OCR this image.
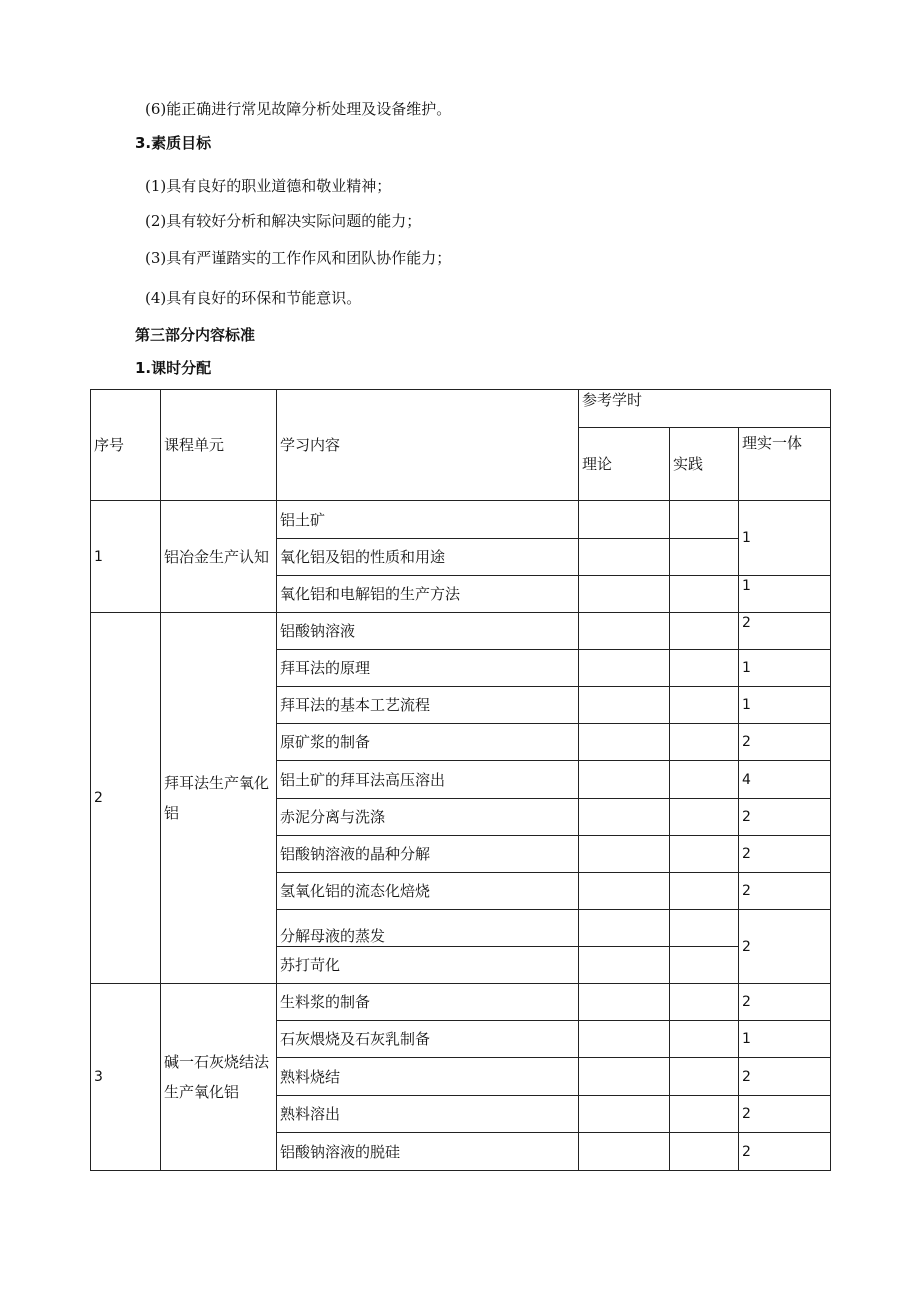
(6)能正确进行常见故障分析处理及设备维护。
3.素质目标
(1)具有良好的职业道德和敬业精神；
(2)具有较好分析和解决实际问题的能力；
(3)具有严谨踏实的工作作风和团队协作能力；
(4)具有良好的环保和节能意识。
第三部分内容标准
1.课时分配
序号	课程单元	学习内容	参考学时		
			理论	实践	理实一体
1	铝冶金生产认知	铝土矿			1
		氧化铝及铝的性质和用途			
		氧化铝和电解铝的生产方法			1
2	拜耳法生产氧化铝	铝酸钠溶液			2
		拜耳法的原理			1
		拜耳法的基本工艺流程			1
		原矿浆的制备			2
		铝土矿的拜耳法高压溶出			4
		赤泥分离与洗涤			2
		铝酸钠溶液的晶种分解			2
		氢氧化铝的流态化焙烧			2
		分解母液的蒸发			2
		苏打苛化			
3	碱一石灰烧结法生产氧化铝	生料浆的制备			2
		石灰煨烧及石灰乳制备			1
		熟料烧结			2
		熟料溶出			2
		铝酸钠溶液的脱硅			2
